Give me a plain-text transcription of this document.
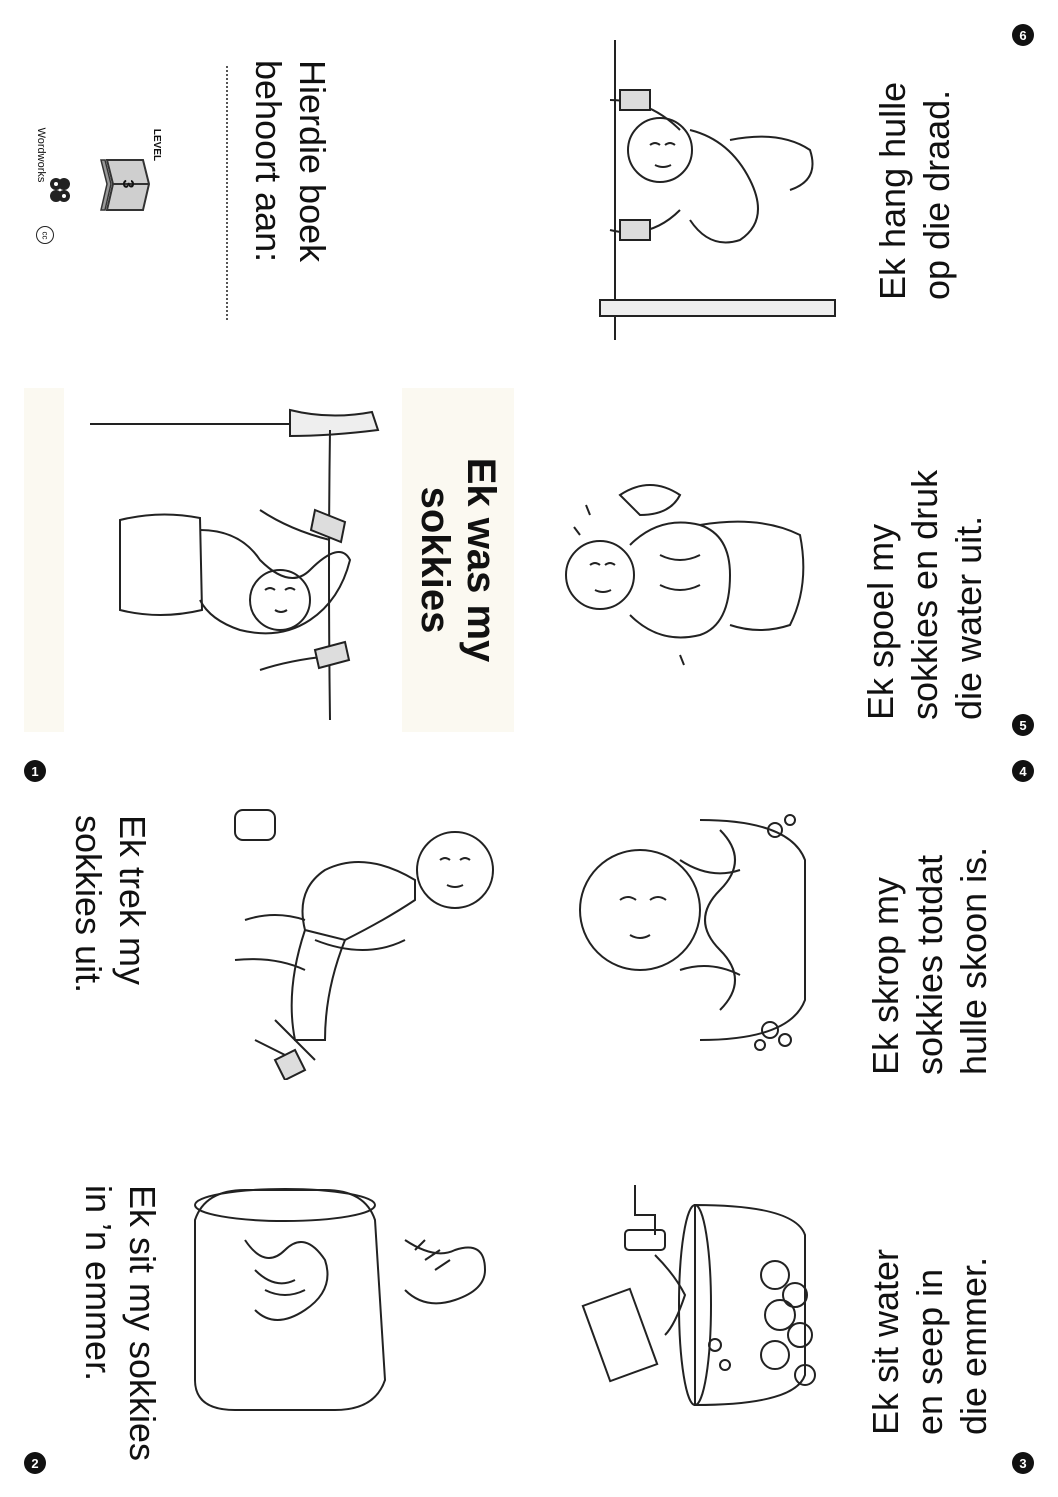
Hierdie boek
behoort aan:
LEVEL
3
Wordworks
cc
Ek was my
sokkies
1
Ek trek my
sokkies uit.
Ek sit my sokkies
in ’n emmer.
2
6
Ek hang hulle op die draad.
Ek spoel my sokkies en druk die water uit.
5
4
Ek skrop my sokkies totdat hulle skoon is.
Ek sit water en seep in die emmer.
3
